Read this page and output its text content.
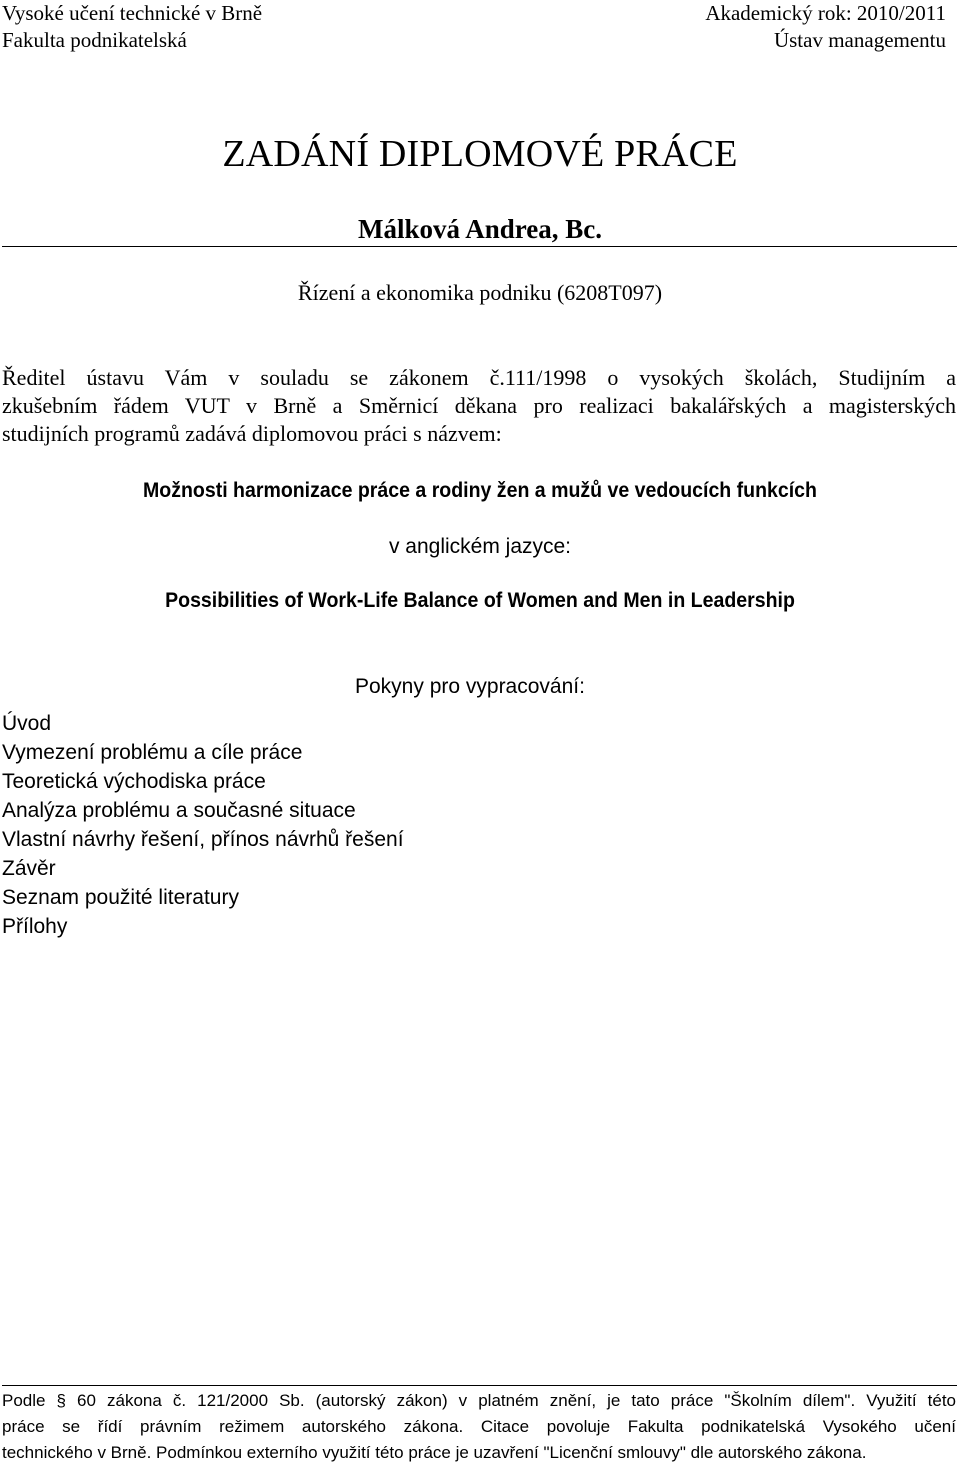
Vysoké učení technické v Brně
Fakulta podnikatelská
Akademický rok: 2010/2011
Ústav managementu
ZADÁNÍ DIPLOMOVÉ PRÁCE
Málková Andrea, Bc.
Řízení a ekonomika podniku (6208T097)

Ředitel ústavu Vám v souladu se zákonem č.111/1998 o vysokých školách, Studijním a

zkušebním řádem VUT v Brně a Směrnicí děkana pro realizaci bakalářských a magisterských

studijních programů zadává diplomovou práci s názvem:

Možnosti harmonizace práce a rodiny žen a mužů ve vedoucích funkcích
v anglickém jazyce:
Possibilities of Work-Life Balance of Women and Men in Leadership
Pokyny pro vypracování:
Úvod
Vymezení problému a cíle práce
Teoretická východiska práce
Analýza problému a současné situace
Vlastní návrhy řešení, přínos návrhů řešení
Závěr
Seznam použité literatury
Přílohy

Podle § 60 zákona č. 121/2000 Sb. (autorský zákon) v platném znění, je tato práce "Školním dílem". Využití této

práce se řídí právním režimem autorského zákona. Citace povoluje Fakulta podnikatelská Vysokého učení

technického v Brně. Podmínkou externího využití této práce je uzavření "Licenční smlouvy" dle autorského zákona.
